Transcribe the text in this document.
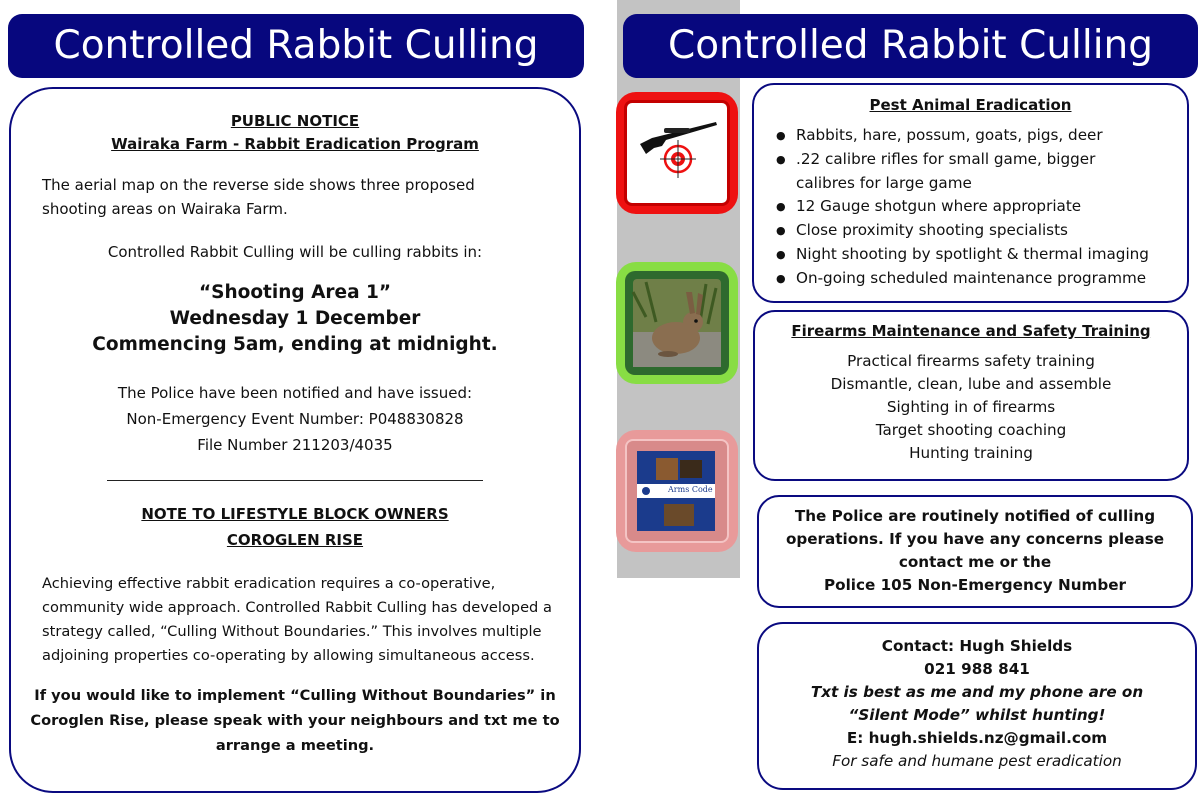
Controlled Rabbit Culling	Controlled Rabbit Culling
PUBLIC NOTICE
Wairaka Farm - Rabbit Eradication Program
The aerial map on the reverse side shows three proposed
shooting areas on Wairaka Farm.
Controlled Rabbit Culling will be culling rabbits in:
“Shooting Area 1”
Wednesday 1 December
Commencing 5am, ending at midnight.
The Police have been notified and have issued:
Non-Emergency Event Number: P048830828
File Number 211203/4035
NOTE TO LIFESTYLE BLOCK OWNERS
COROGLEN RISE
Achieving effective rabbit eradication requires a co-operative,
community wide approach. Controlled Rabbit Culling has developed a
strategy called, “Culling Without Boundaries.” This involves multiple
adjoining properties co-operating by allowing simultaneous access.
If you would like to implement “Culling Without Boundaries” in
Coroglen Rise, please speak with your neighbours and txt me to
arrange a meeting.
Arms Code
Pest Animal Eradication
● Rabbits, hare, possum, goats, pigs, deer
● .22 calibre rifles for small game, bigger calibres for large game
● 12 Gauge shotgun where appropriate
● Close proximity shooting specialists
● Night shooting by spotlight & thermal imaging
● On-going scheduled maintenance programme
Firearms Maintenance and Safety Training
Practical firearms safety training
Dismantle, clean, lube and assemble
Sighting in of firearms
Target shooting coaching
Hunting training
The Police are routinely notified of culling
operations. If you have any concerns please
contact me or the
Police 105 Non-Emergency Number
Contact: Hugh Shields
021 988 841
Txt is best as me and my phone are on
“Silent Mode” whilst hunting!
E: hugh.shields.nz@gmail.com
For safe and humane pest eradication
